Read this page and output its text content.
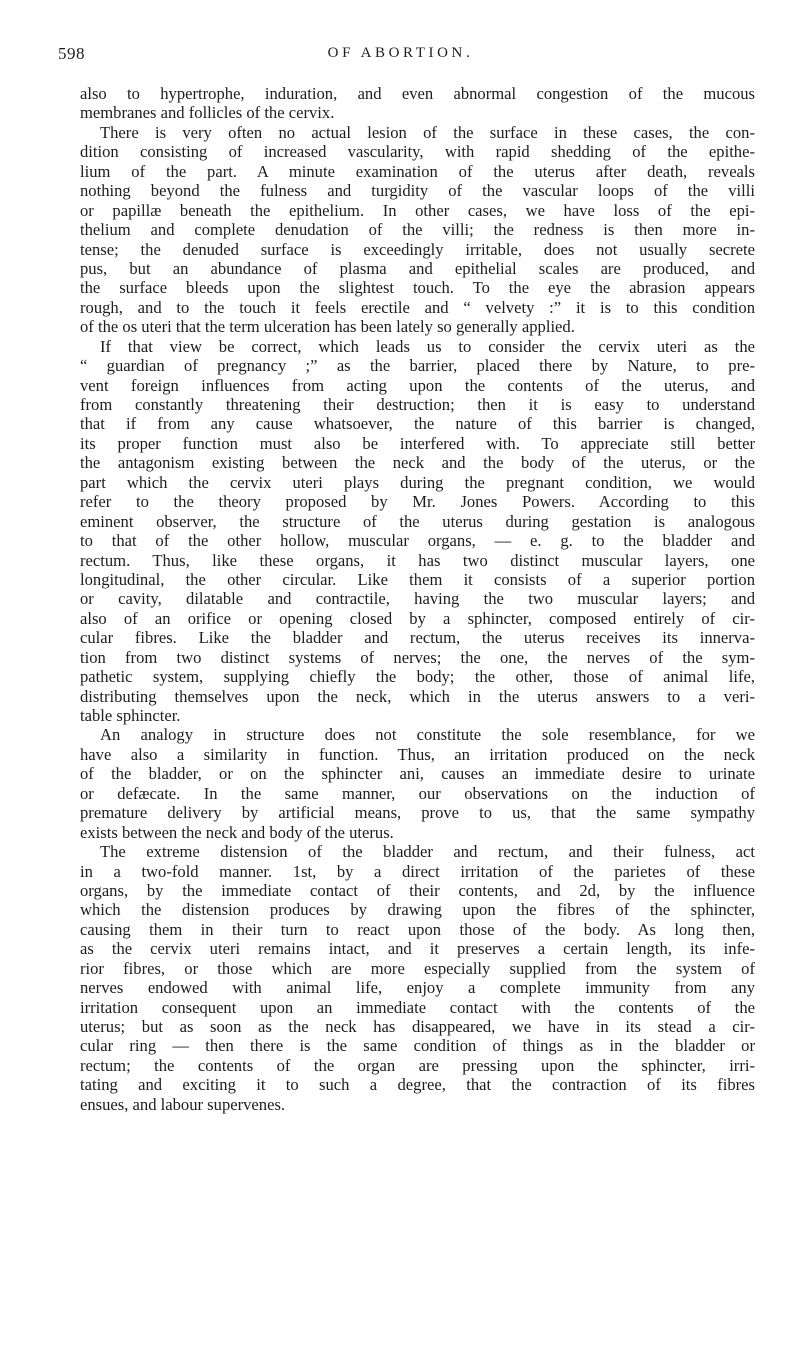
598	OF ABORTION.
also to hypertrophe, induration, and even abnormal congestion of the mucous
membranes and follicles of the cervix.
There is very often no actual lesion of the surface in these cases, the con-
dition consisting of increased vascularity, with rapid shedding of the epithe-
lium of the part. A minute examination of the uterus after death, reveals
nothing beyond the fulness and turgidity of the vascular loops of the villi
or papillæ beneath the epithelium. In other cases, we have loss of the epi-
thelium and complete denudation of the villi; the redness is then more in-
tense; the denuded surface is exceedingly irritable, does not usually secrete
pus, but an abundance of plasma and epithelial scales are produced, and
the surface bleeds upon the slightest touch. To the eye the abrasion appears
rough, and to the touch it feels erectile and “ velvety :” it is to this condition
of the os uteri that the term ulceration has been lately so generally applied.
If that view be correct, which leads us to consider the cervix uteri as the
“ guardian of pregnancy ;” as the barrier, placed there by Nature, to pre-
vent foreign influences from acting upon the contents of the uterus, and
from constantly threatening their destruction; then it is easy to understand
that if from any cause whatsoever, the nature of this barrier is changed,
its proper function must also be interfered with. To appreciate still better
the antagonism existing between the neck and the body of the uterus, or the
part which the cervix uteri plays during the pregnant condition, we would
refer to the theory proposed by Mr. Jones Powers. According to this
eminent observer, the structure of the uterus during gestation is analogous
to that of the other hollow, muscular organs, — e. g. to the bladder and
rectum. Thus, like these organs, it has two distinct muscular layers, one
longitudinal, the other circular. Like them it consists of a superior portion
or cavity, dilatable and contractile, having the two muscular layers; and
also of an orifice or opening closed by a sphincter, composed entirely of cir-
cular fibres. Like the bladder and rectum, the uterus receives its innerva-
tion from two distinct systems of nerves; the one, the nerves of the sym-
pathetic system, supplying chiefly the body; the other, those of animal life,
distributing themselves upon the neck, which in the uterus answers to a veri-
table sphincter.
An analogy in structure does not constitute the sole resemblance, for we
have also a similarity in function. Thus, an irritation produced on the neck
of the bladder, or on the sphincter ani, causes an immediate desire to urinate
or defæcate. In the same manner, our observations on the induction of
premature delivery by artificial means, prove to us, that the same sympathy
exists between the neck and body of the uterus.
The extreme distension of the bladder and rectum, and their fulness, act
in a two-fold manner. 1st, by a direct irritation of the parietes of these
organs, by the immediate contact of their contents, and 2d, by the influence
which the distension produces by drawing upon the fibres of the sphincter,
causing them in their turn to react upon those of the body. As long then,
as the cervix uteri remains intact, and it preserves a certain length, its infe-
rior fibres, or those which are more especially supplied from the system of
nerves endowed with animal life, enjoy a complete immunity from any
irritation consequent upon an immediate contact with the contents of the
uterus; but as soon as the neck has disappeared, we have in its stead a cir-
cular ring — then there is the same condition of things as in the bladder or
rectum; the contents of the organ are pressing upon the sphincter, irri-
tating and exciting it to such a degree, that the contraction of its fibres
ensues, and labour supervenes.
